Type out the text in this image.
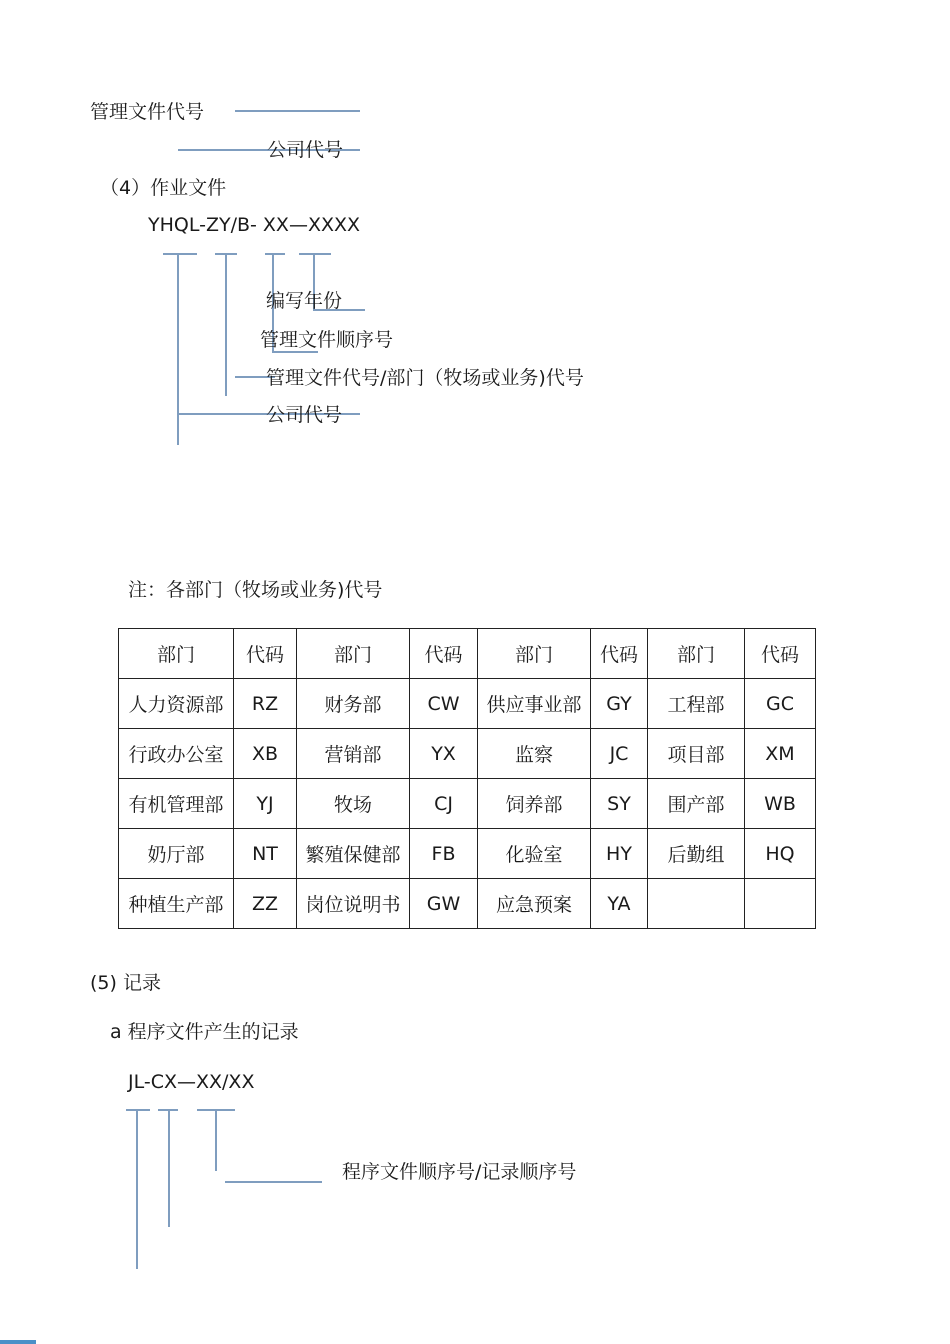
管理文件代号
公司代号
（4）作业文件
YHQL-ZY/B- XX—XXXX
编写年份
管理文件顺序号
管理文件代号/部门（牧场或业务)代号
公司代号
注：各部门（牧场或业务)代号
部门	代码	部门	代码	部门	代码	部门	代码
人力资源部	RZ	财务部	CW	供应事业部	GY	工程部	GC
行政办公室	XB	营销部	YX	监察	JC	项目部	XM
有机管理部	YJ	牧场	CJ	饲养部	SY	围产部	WB
奶厅部	NT	繁殖保健部	FB	化验室	HY	后勤组	HQ
种植生产部	ZZ	岗位说明书	GW	应急预案	YA		
(5) 记录
a 程序文件产生的记录
JL-CX—XX/XX
程序文件顺序号/记录顺序号
